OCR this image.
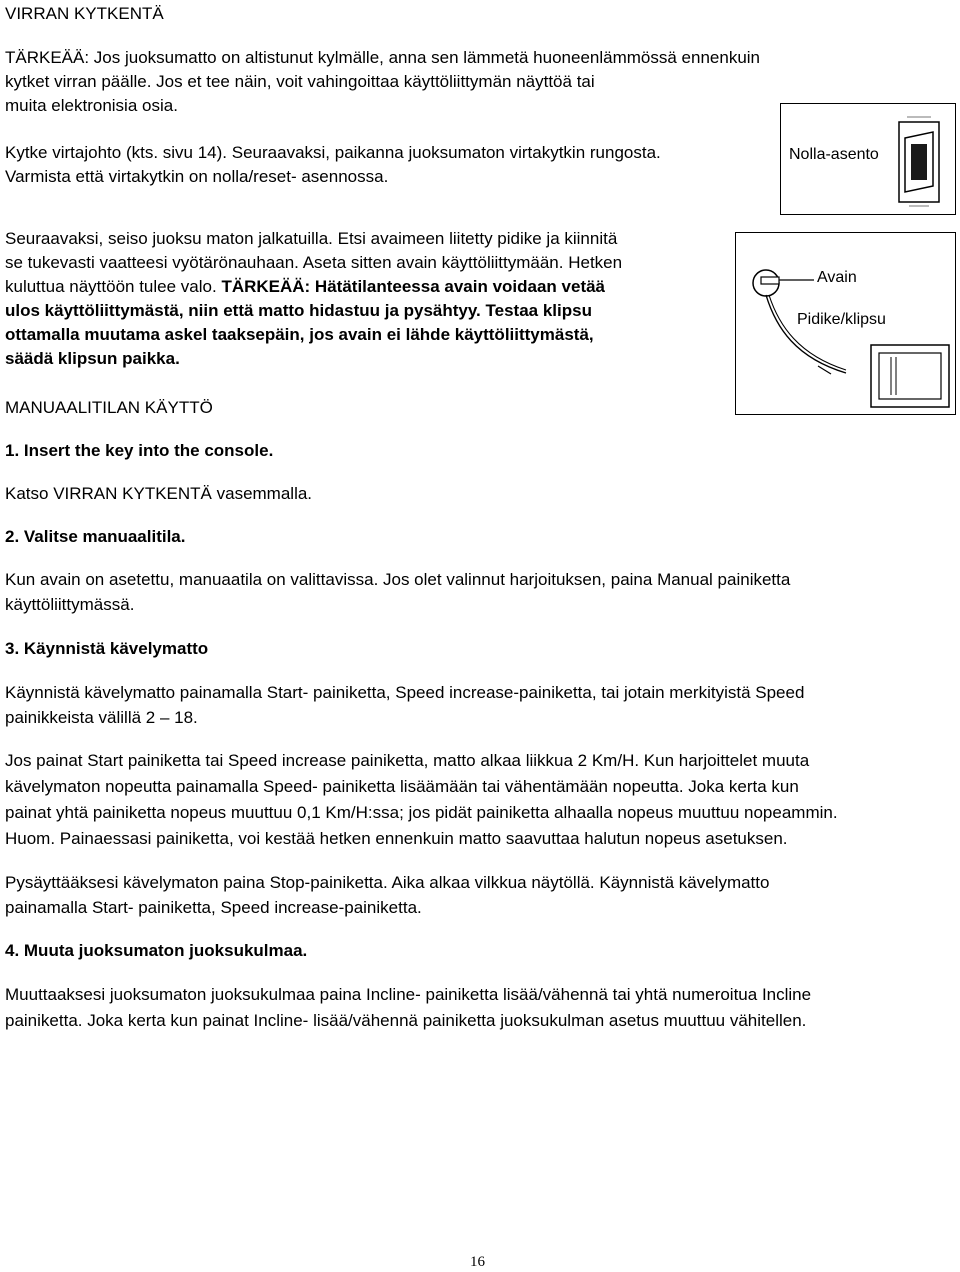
VIRRAN KYTKENTÄ

TÄRKEÄÄ: Jos juoksumatto on altistunut kylmälle, anna sen lämmetä huoneenlämmössä ennenkuin

kytket virran päälle. Jos et tee näin, voit vahingoittaa käyttöliittymän näyttöä tai

muita elektronisia osia.

Kytke virtajohto (kts. sivu 14). Seuraavaksi, paikanna juoksumaton virtakytkin rungosta.

Varmista että virtakytkin on nolla/reset- asennossa.

Nolla-asento

Seuraavaksi, seiso juoksu maton jalkatuilla. Etsi avaimeen liitetty pidike ja kiinnitä

se tukevasti vaatteesi vyötärönauhaan. Aseta sitten avain käyttöliittymään. Hetken

kuluttua näyttöön tulee valo. TÄRKEÄÄ: Hätätilanteessa avain voidaan vetää

ulos käyttöliittymästä, niin että matto hidastuu ja pysähtyy. Testaa klipsu

ottamalla muutama askel taaksepäin, jos avain ei lähde käyttöliittymästä,

säädä klipsun paikka.

Avain
Pidike/klipsu

MANUAALITILAN KÄYTTÖ

1. Insert the key into the console.

Katso VIRRAN KYTKENTÄ vasemmalla.

2. Valitse manuaalitila.

Kun avain on asetettu, manuaatila on valittavissa. Jos olet valinnut harjoituksen, paina Manual painiketta

käyttöliittymässä.

3. Käynnistä kävelymatto

Käynnistä kävelymatto painamalla Start- painiketta, Speed increase-painiketta, tai jotain merkityistä Speed

painikkeista välillä 2 – 18.

Jos painat Start painiketta tai Speed increase painiketta, matto alkaa liikkua 2 Km/H. Kun harjoittelet muuta

kävelymaton nopeutta painamalla Speed- painiketta lisäämään tai vähentämään nopeutta. Joka kerta kun

painat yhtä painiketta nopeus muuttuu 0,1 Km/H:ssa; jos pidät painiketta alhaalla nopeus muuttuu nopeammin.

Huom. Painaessasi painiketta, voi kestää hetken ennenkuin matto saavuttaa halutun nopeus asetuksen.

Pysäyttääksesi kävelymaton paina Stop-painiketta. Aika alkaa vilkkua näytöllä. Käynnistä kävelymatto

painamalla Start- painiketta, Speed increase-painiketta.

4. Muuta juoksumaton juoksukulmaa.

Muuttaaksesi juoksumaton juoksukulmaa paina Incline- painiketta lisää/vähennä tai yhtä numeroitua Incline

painiketta. Joka kerta kun painat Incline- lisää/vähennä painiketta juoksukulman asetus muuttuu vähitellen.

16
